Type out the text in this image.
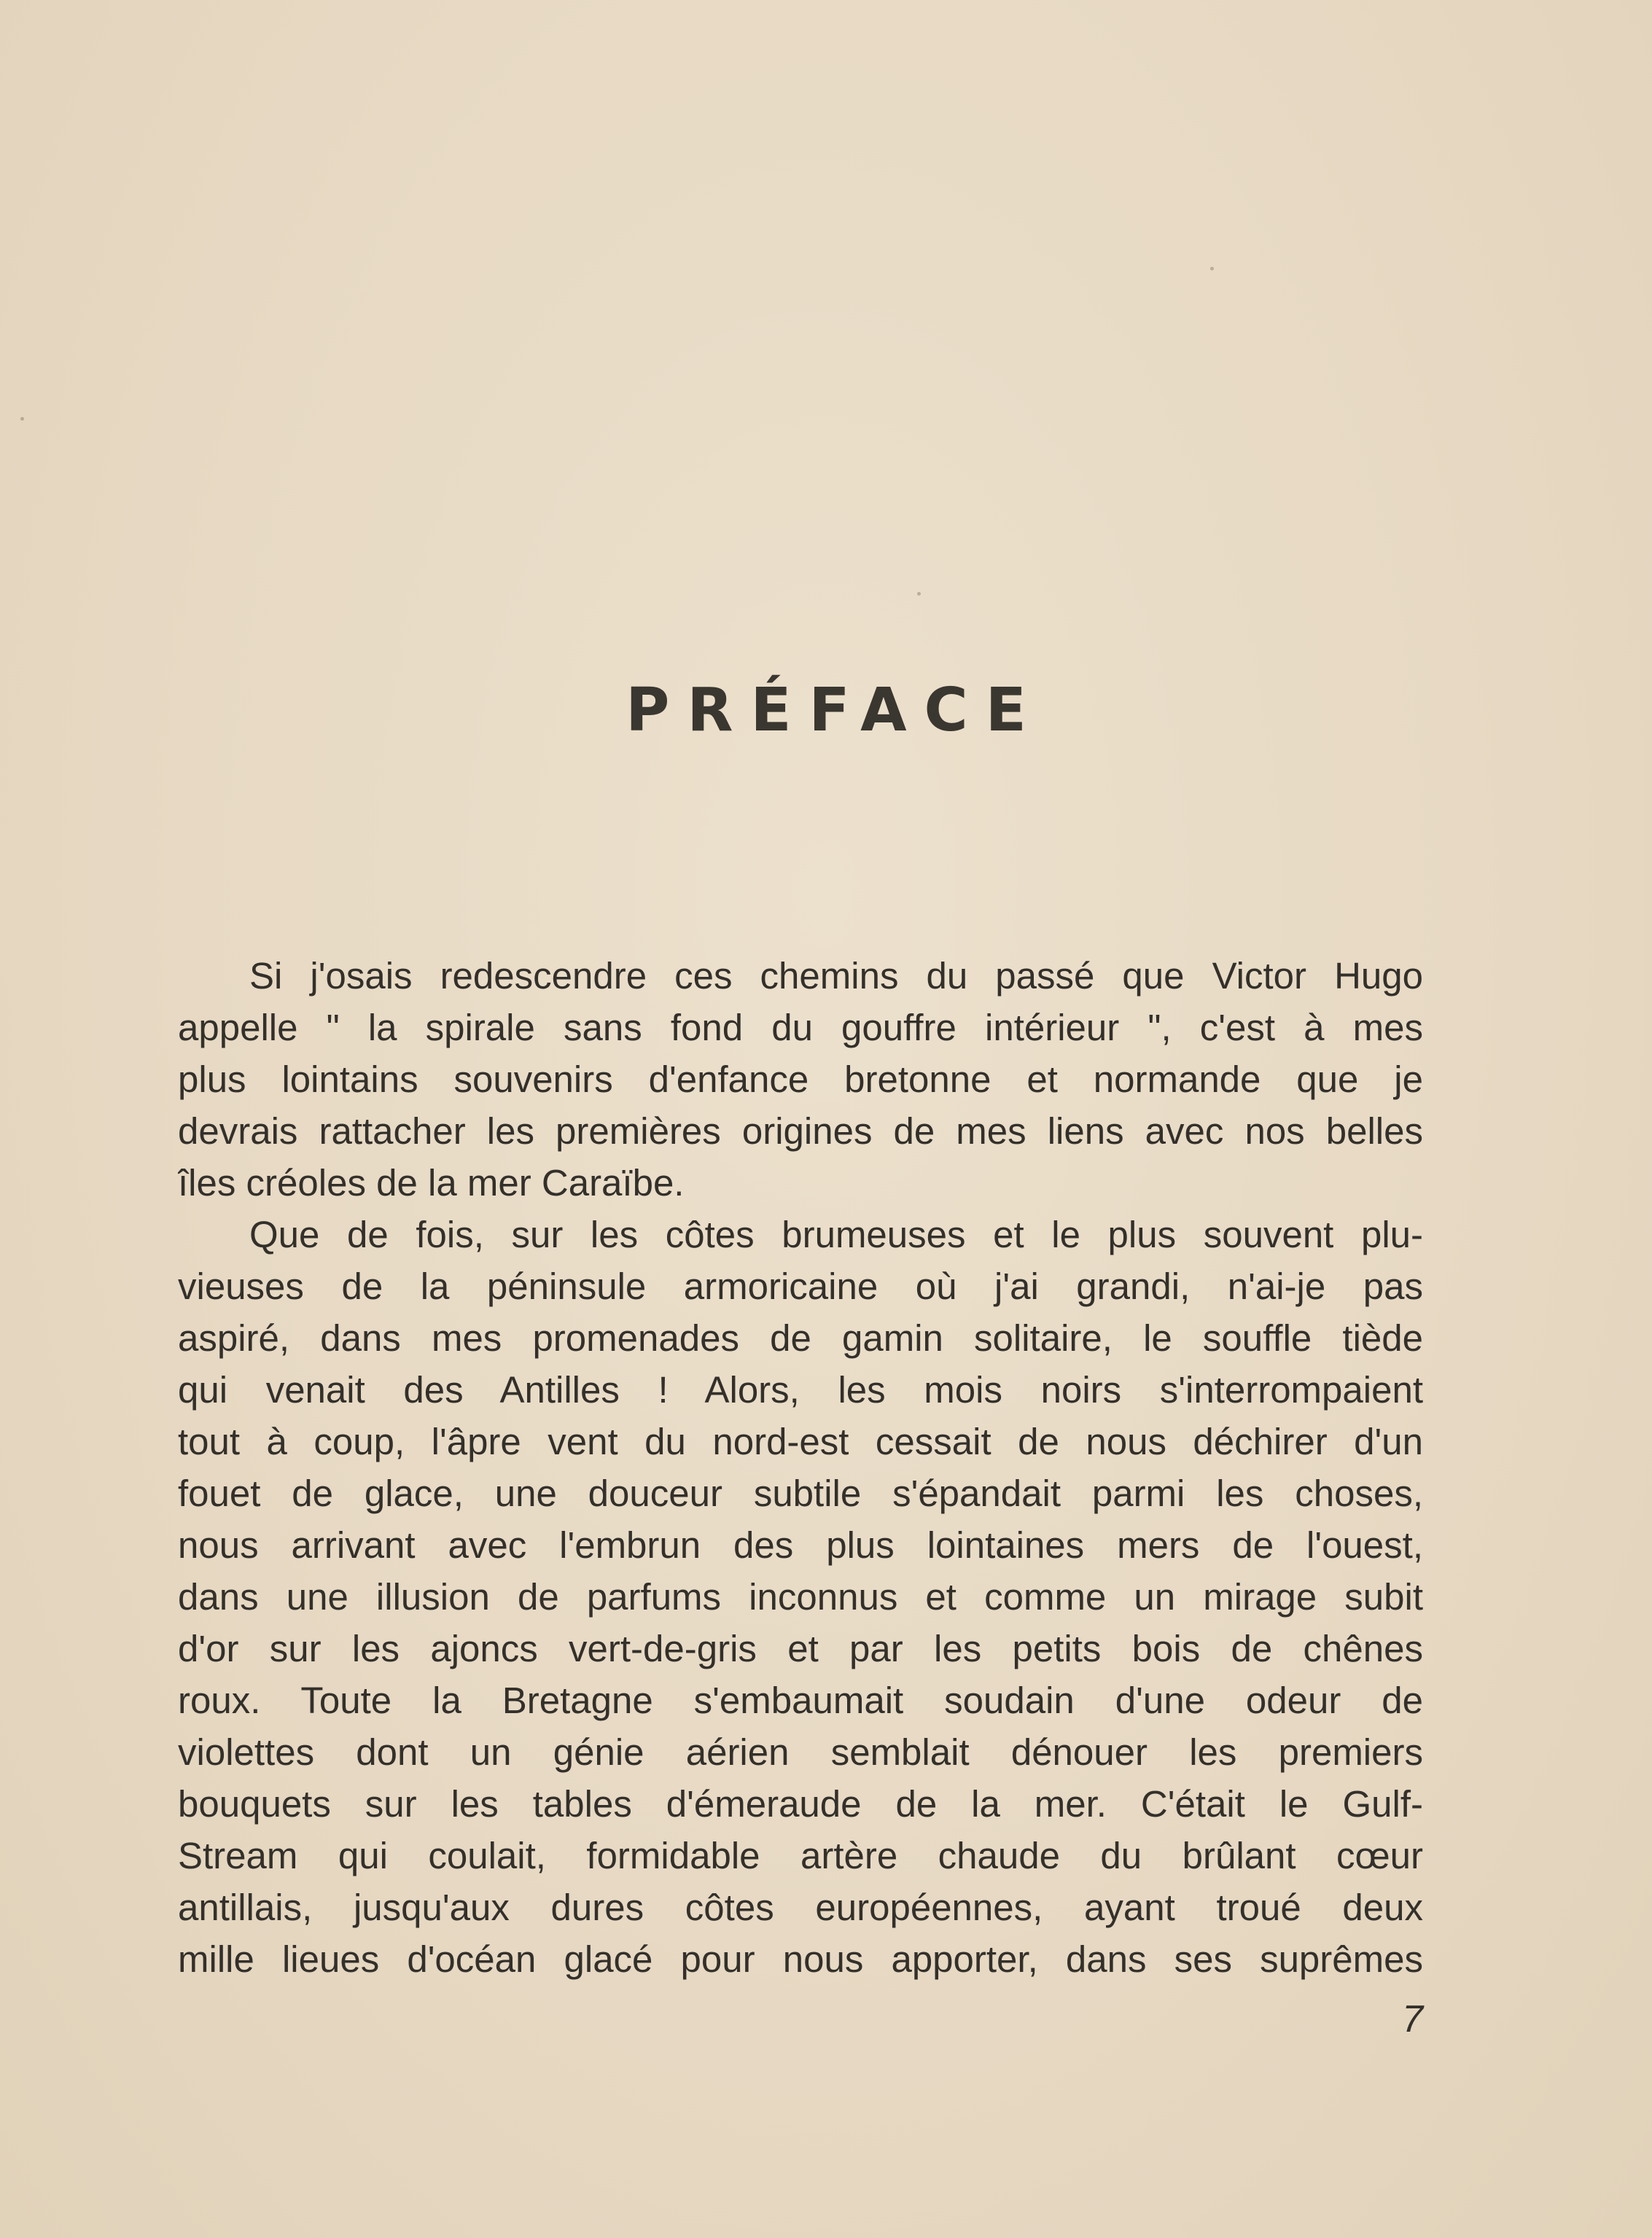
PRÉFACE
Si j'osais redescendre ces chemins du passé que Victor Hugo
appelle " la spirale sans fond du gouffre intérieur ", c'est à mes
plus lointains souvenirs d'enfance bretonne et normande que je
devrais rattacher les premières origines de mes liens avec nos belles
îles créoles de la mer Caraïbe.
Que de fois, sur les côtes brumeuses et le plus souvent plu-
vieuses de la péninsule armoricaine où j'ai grandi, n'ai-je pas
aspiré, dans mes promenades de gamin solitaire, le souffle tiède
qui venait des Antilles ! Alors, les mois noirs s'interrompaient
tout à coup, l'âpre vent du nord-est cessait de nous déchirer d'un
fouet de glace, une douceur subtile s'épandait parmi les choses,
nous arrivant avec l'embrun des plus lointaines mers de l'ouest,
dans une illusion de parfums inconnus et comme un mirage subit
d'or sur les ajoncs vert-de-gris et par les petits bois de chênes
roux. Toute la Bretagne s'embaumait soudain d'une odeur de
violettes dont un génie aérien semblait dénouer les premiers
bouquets sur les tables d'émeraude de la mer. C'était le Gulf-
Stream qui coulait, formidable artère chaude du brûlant cœur
antillais, jusqu'aux dures côtes européennes, ayant troué deux
mille lieues d'océan glacé pour nous apporter, dans ses suprêmes
7
